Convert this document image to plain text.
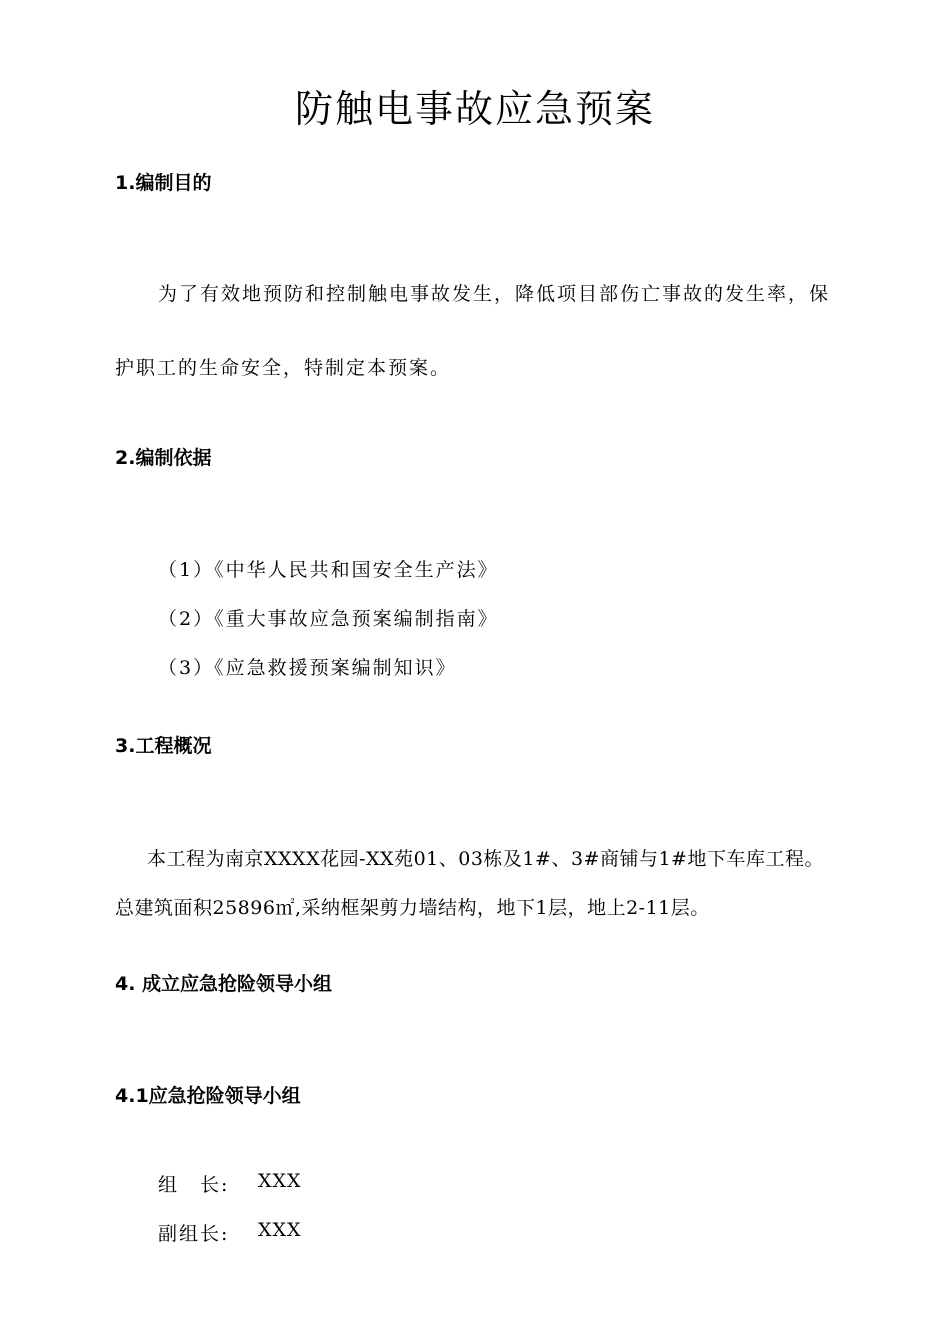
防触电事故应急预案
1.编制目的
为了有效地预防和控制触电事故发生，降低项目部伤亡事故的发生率，保
护职工的生命安全，特制定本预案。
2.编制依据
（1）《中华人民共和国安全生产法》
（2）《重大事故应急预案编制指南》
（3）《应急救援预案编制知识》
3.工程概况
本工程为南京XXXX花园-XX苑01、03栋及1#、3#商铺与1#地下车库工程。
总建筑面积25896㎡,采纳框架剪力墙结构，地下1层，地上2-11层。
4. 成立应急抢险领导小组
4.1应急抢险领导小组
组　长: XXX
副组长: XXX
